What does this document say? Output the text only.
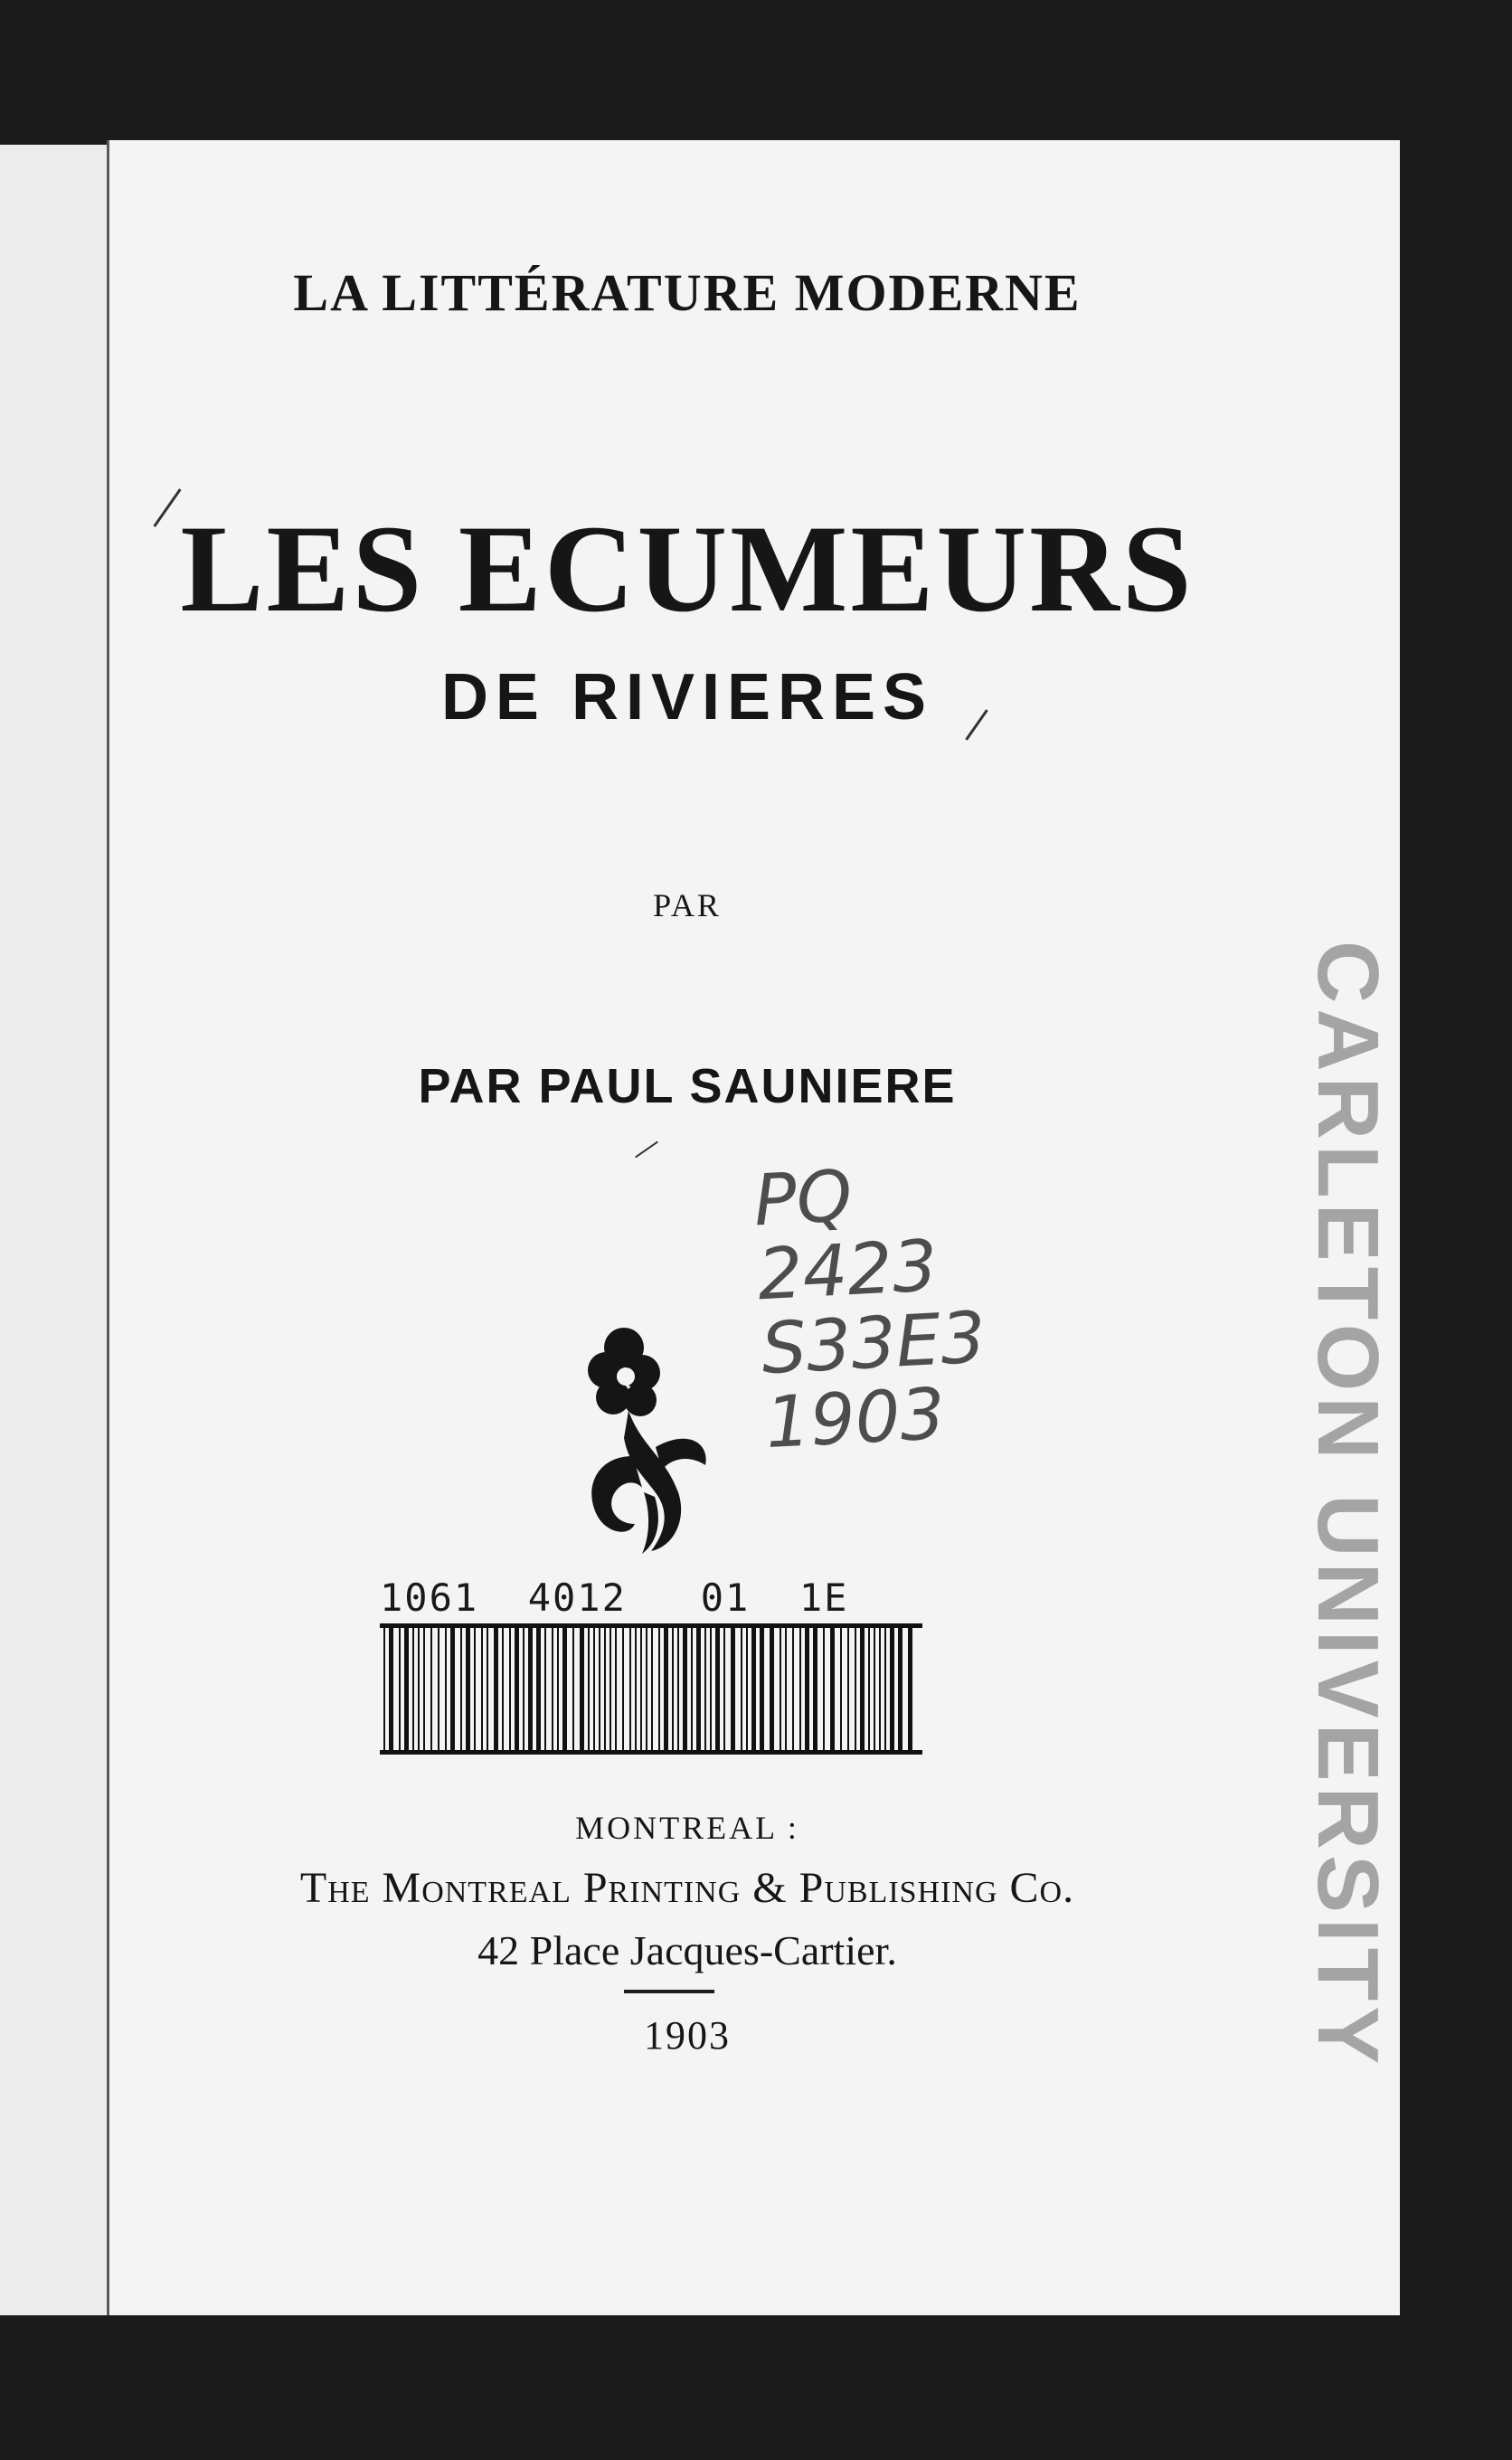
CARLETON UNIVERSITY

LA LITTÉRATURE MODERNE

LES ECUMEURS

DE RIVIERES

PAR

PAR PAUL SAUNIERE

PQ
2423
S33E3
1903
1061  4012   01  1E

MONTREAL :

The Montreal Printing & Publishing Co.

42 Place Jacques-Cartier.

1903
